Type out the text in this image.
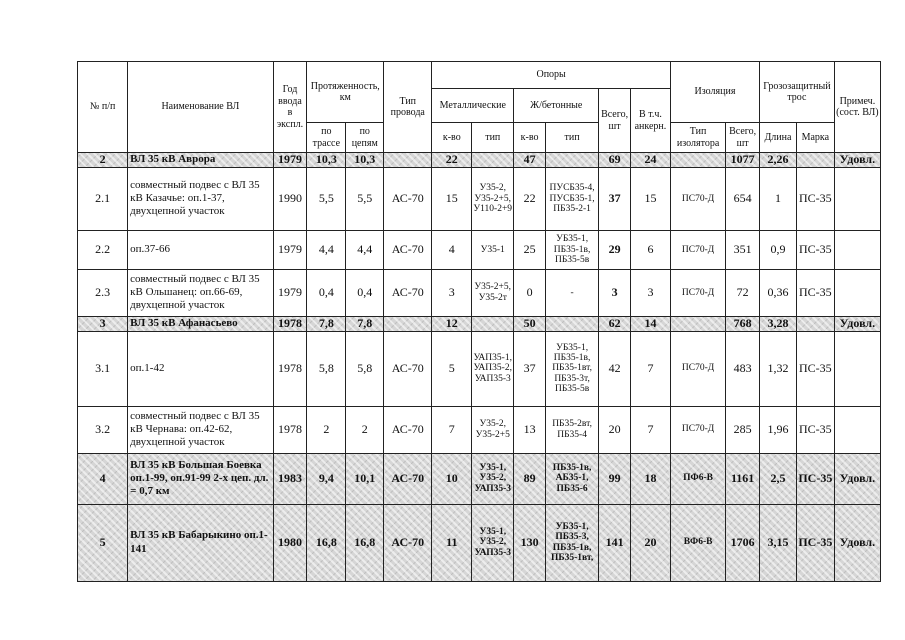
№ п/п	Наименование ВЛ	Год ввода в экспл.	Протяженность, км		Тип провода	Опоры						Изоляция		Грозозащитный трос		Примеч. (сост. ВЛ)
						Металлические		Ж/бетонные		Всего, шт	В т.ч. анкерн.					
			по трассе	по цепям		к-во	тип	к-во	тип			Тип изолятора	Всего, шт	Длина	Марка	
2	ВЛ 35 кВ Аврора	1979	10,3	10,3		22		47		69	24		1077	2,26		Удовл.
2.1	совместный подвес с ВЛ 35 кВ Казачье: оп.1-37, двухцепной участок	1990	5,5	5,5	АС-70	15	У35-2, У35-2+5, У110-2+9	22	ПУСБ35-4, ПУСБ35-1, ПБ35-2-1	37	15	ПС70-Д	654	1	ПС-35	
2.2	оп.37-66	1979	4,4	4,4	АС-70	4	У35-1	25	УБ35-1, ПБ35-1в, ПБ35-5в	29	6	ПС70-Д	351	0,9	ПС-35	
2.3	совместный подвес с ВЛ 35 кВ Ольшанец: оп.66-69, двухцепной участок	1979	0,4	0,4	АС-70	3	У35-2+5, У35-2т	0	-	3	3	ПС70-Д	72	0,36	ПС-35	
3	ВЛ 35 кВ Афанасьево	1978	7,8	7,8		12		50		62	14		768	3,28		Удовл.
3.1	оп.1-42	1978	5,8	5,8	АС-70	5	УАП35-1, УАП35-2, УАП35-3	37	УБ35-1, ПБ35-1в, ПБ35-1вт, ПБ35-3т, ПБ35-5в	42	7	ПС70-Д	483	1,32	ПС-35	
3.2	совместный подвес с ВЛ 35 кВ Чернава: оп.42-62, двухцепной участок	1978	2	2	АС-70	7	У35-2, У35-2+5	13	ПБ35-2вт, ПБ35-4	20	7	ПС70-Д	285	1,96	ПС-35	
4	ВЛ 35 кВ Большая Боевка оп.1-99, оп.91-99 2-х цеп. дл. = 0,7 км	1983	9,4	10,1	АС-70	10	У35-1, У35-2, УАП35-3	89	ПБ35-1в, АБ35-1, ПБ35-6	99	18	ПФ6-В	1161	2,5	ПС-35	Удовл.
5	ВЛ 35 кВ Бабарыкино оп.1-141	1980	16,8	16,8	АС-70	11	У35-1, У35-2, УАП35-3	130	УБ35-1, ПБ35-3, ПБ35-1в, ПБ35-1вт,	141	20	ВФ6-В	1706	3,15	ПС-35	Удовл.
